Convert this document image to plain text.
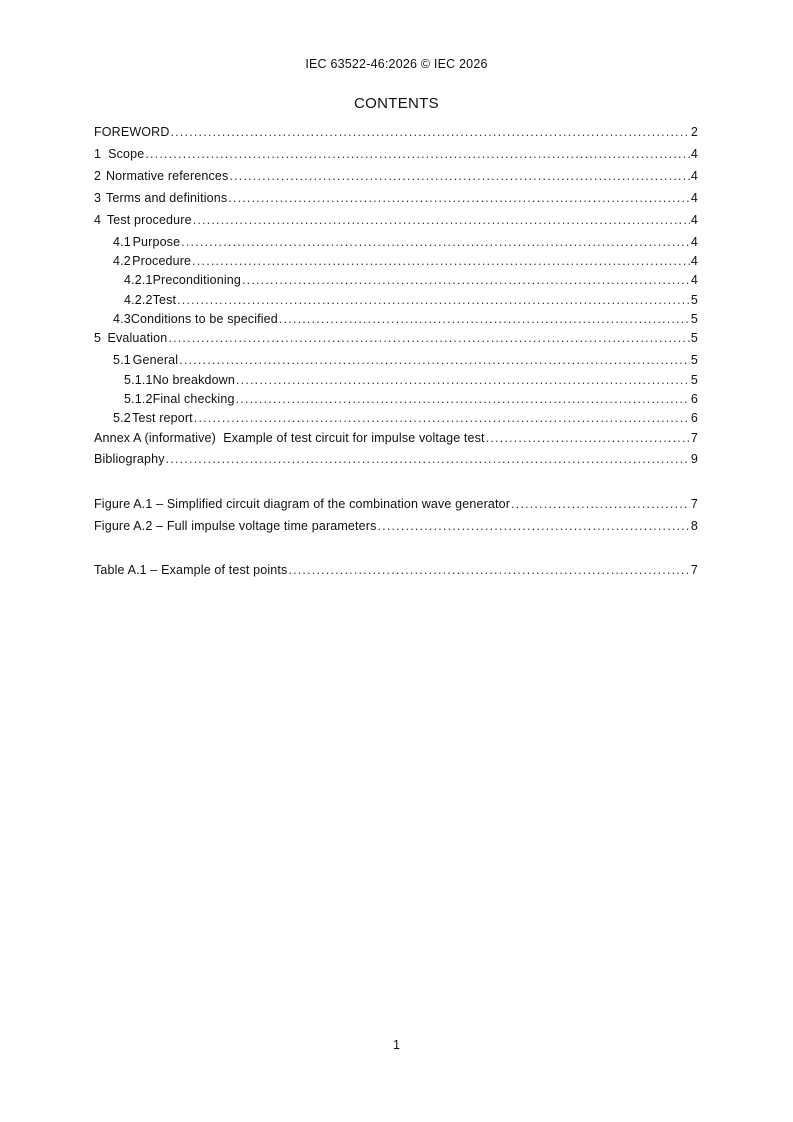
IEC 63522-46:2026 © IEC 2026
CONTENTS
FOREWORD .....	2
1 Scope .....	4
2 Normative references .....	4
3 Terms and definitions .....	4
4 Test procedure .....	4
4.1 Purpose .....	4
4.2 Procedure .....	4
4.2.1 Preconditioning .....	4
4.2.2 Test .....	5
4.3 Conditions to be specified .....	5
5 Evaluation .....	5
5.1 General .....	5
5.1.1 No breakdown .....	5
5.1.2 Final checking .....	6
5.2 Test report .....	6
Annex A (informative)  Example of test circuit for impulse voltage test .....	7
Bibliography .....	9
Figure A.1 – Simplified circuit diagram of the combination wave generator .....	7
Figure A.2 – Full impulse voltage time parameters .....	8
Table A.1 – Example of test points .....	7
1
